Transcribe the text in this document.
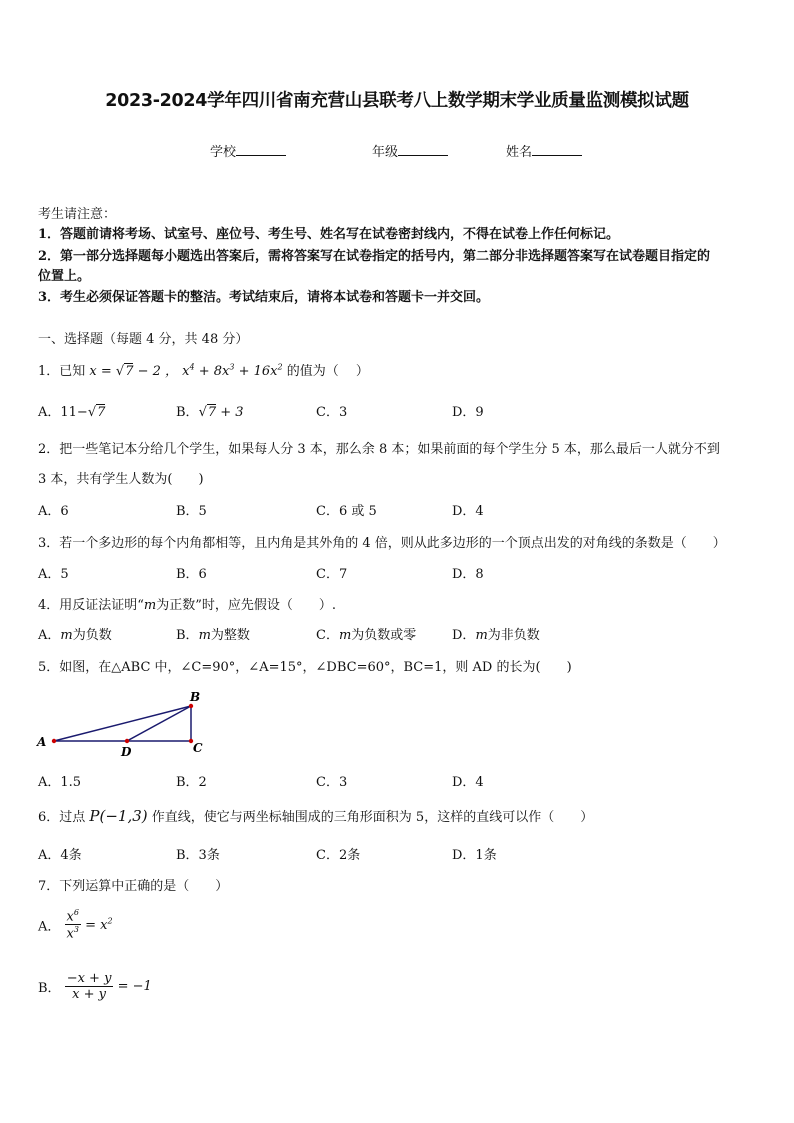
2023-2024学年四川省南充营山县联考八上数学期末学业质量监测模拟试题
学校	年级	姓名
考生请注意：
1．答题前请将考场、试室号、座位号、考生号、姓名写在试卷密封线内，不得在试卷上作任何标记。
2．第一部分选择题每小题选出答案后，需将答案写在试卷指定的括号内，第二部分非选择题答案写在试卷题目指定的
位置上。
3．考生必须保证答题卡的整洁。考试结束后，请将本试卷和答题卡一并交回。
一、选择题（每题 4 分，共 48 分）
1．已知 x = √7 − 2 ， $x^4 + 8x^3 + 16x^2$ 的值为（　 ）
A．11−√7	B．√7 + 3	C．3	D．9
2．把一些笔记本分给几个学生，如果每人分 3 本，那么余 8 本；如果前面的每个学生分 5 本，那么最后一人就分不到
3 本，共有学生人数为(　　)
A．6	B．5	C．6 或 5	D．4
3．若一个多边形的每个内角都相等，且内角是其外角的 4 倍，则从此多边形的一个顶点出发的对角线的条数是（　　）
A．5	B．6	C．7	D．8
4．用反证法证明“m为正数”时，应先假设（　　）.
A．m为负数	B．m为整数	C．m为负数或零	D．m为非负数
5．如图，在△ABC 中，∠C=90°，∠A=15°，∠DBC=60°，BC=1，则 AD 的长为(　　)
A
B
C
D
A．1.5	B．2	C．3	D．4
6．过点 P(−1,3) 作直线，使它与两坐标轴围成的三角形面积为 5，这样的直线可以作（　　）
A．4条	B．3条	C．2条	D．1条
7．下列运算中正确的是（　　）
A． $\frac{x^6}{x^3} = x^2$
B． $\frac{-x + y}{x + y} = -1$
